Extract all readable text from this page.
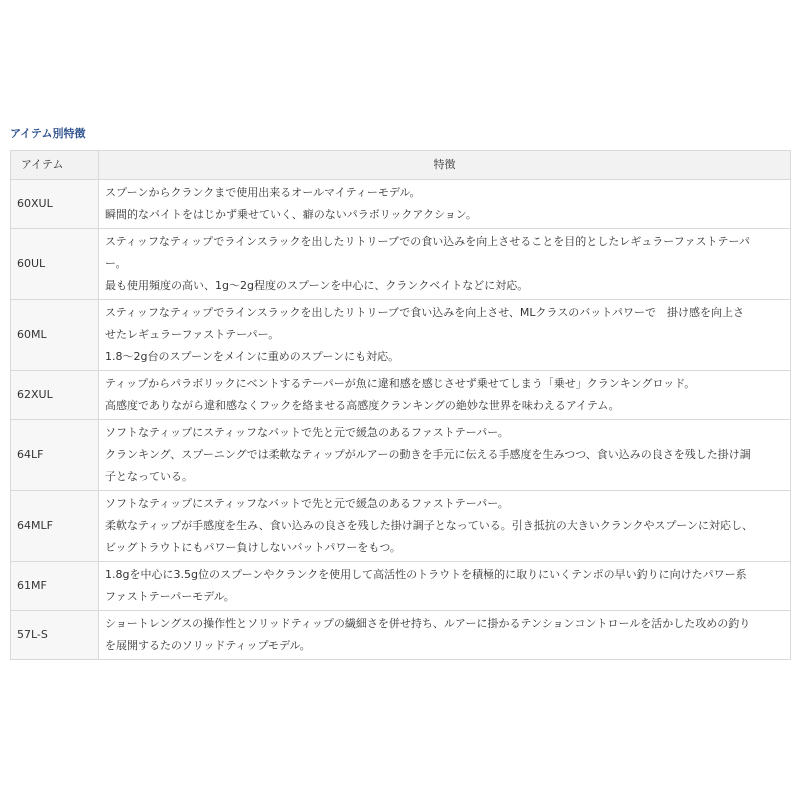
アイテム別特徴
アイテム	特徴
60XUL	スプーンからクランクまで使用出来るオールマイティーモデル。
瞬間的なバイトをはじかず乗せていく、癖のないパラボリックアクション。

60UL	スティッフなティップでラインスラックを出したリトリーブでの食い込みを向上させることを目的としたレギュラーファストテーパ
ー。
最も使用頻度の高い、1g～2g程度のスプーンを中心に、クランクベイトなどに対応。

60ML	スティッフなティップでラインスラックを出したリトリーブで食い込みを向上させ、MLクラスのバットパワーで　掛け感を向上さ
せたレギュラーファストテーパー。
1.8～2g台のスプーンをメインに重めのスプーンにも対応。

62XUL	ティップからパラボリックにベントするテーパーが魚に違和感を感じさせず乗せてしまう「乗せ」クランキングロッド。
高感度でありながら違和感なくフックを絡ませる高感度クランキングの絶妙な世界を味わえるアイテム。

64LF	ソフトなティップにスティッフなバットで先と元で緩急のあるファストテーパー。
クランキング、スプーニングでは柔軟なティップがルアーの動きを手元に伝える手感度を生みつつ、食い込みの良さを残した掛け調
子となっている。

64MLF	ソフトなティップにスティッフなバットで先と元で緩急のあるファストテーパー。
柔軟なティップが手感度を生み、食い込みの良さを残した掛け調子となっている。引き抵抗の大きいクランクやスプーンに対応し、
ビッグトラウトにもパワー負けしないバットパワーをもつ。

61MF	1.8gを中心に3.5g位のスプーンやクランクを使用して高活性のトラウトを積極的に取りにいくテンポの早い釣りに向けたパワー系
ファストテーパーモデル。

57L-S	ショートレングスの操作性とソリッドティップの繊細さを併せ持ち、ルアーに掛かるテンションコントロールを活かした攻めの釣り
を展開するたのソリッドティップモデル。
